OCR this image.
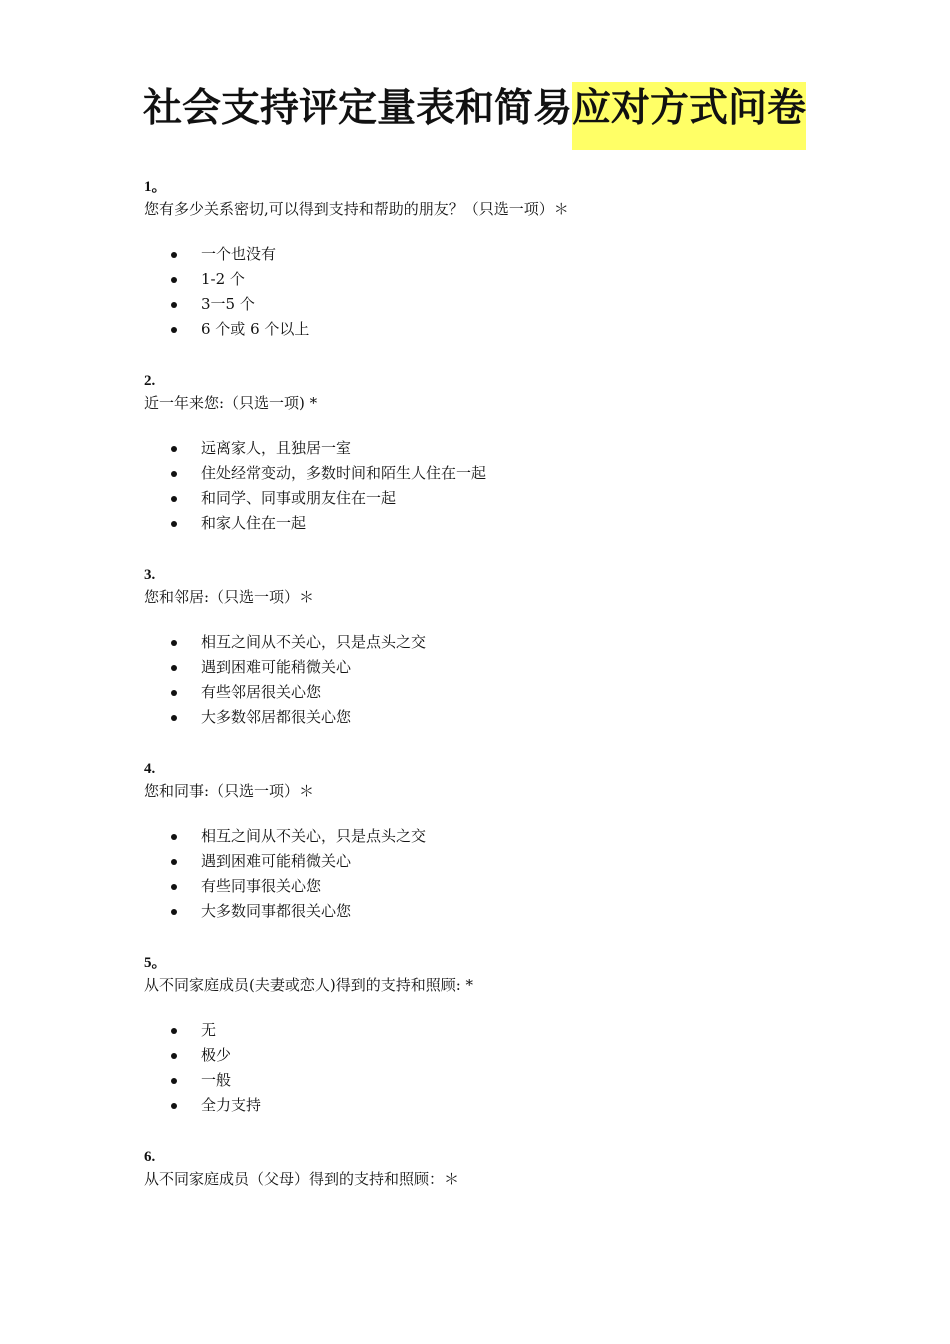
社会支持评定量表和简易应对方式问卷
1。
您有多少关系密切,可以得到支持和帮助的朋友？（只选一项）＊
一个也没有
1-2 个
3一5 个
6 个或 6 个以上
2.
近一年来您:（只选一项) *
远离家人，且独居一室
住处经常变动，多数时间和陌生人住在一起
和同学、同事或朋友住在一起
和家人住在一起
3.
您和邻居:（只选一项）＊
相互之间从不关心，只是点头之交
遇到困难可能稍微关心
有些邻居很关心您
大多数邻居都很关心您
4.
您和同事:（只选一项）＊
相互之间从不关心，只是点头之交
遇到困难可能稍微关心
有些同事很关心您
大多数同事都很关心您
5。
从不同家庭成员(夫妻或恋人)得到的支持和照顾: *
无
极少
一般
全力支持
6.
从不同家庭成员（父母）得到的支持和照顾：＊
